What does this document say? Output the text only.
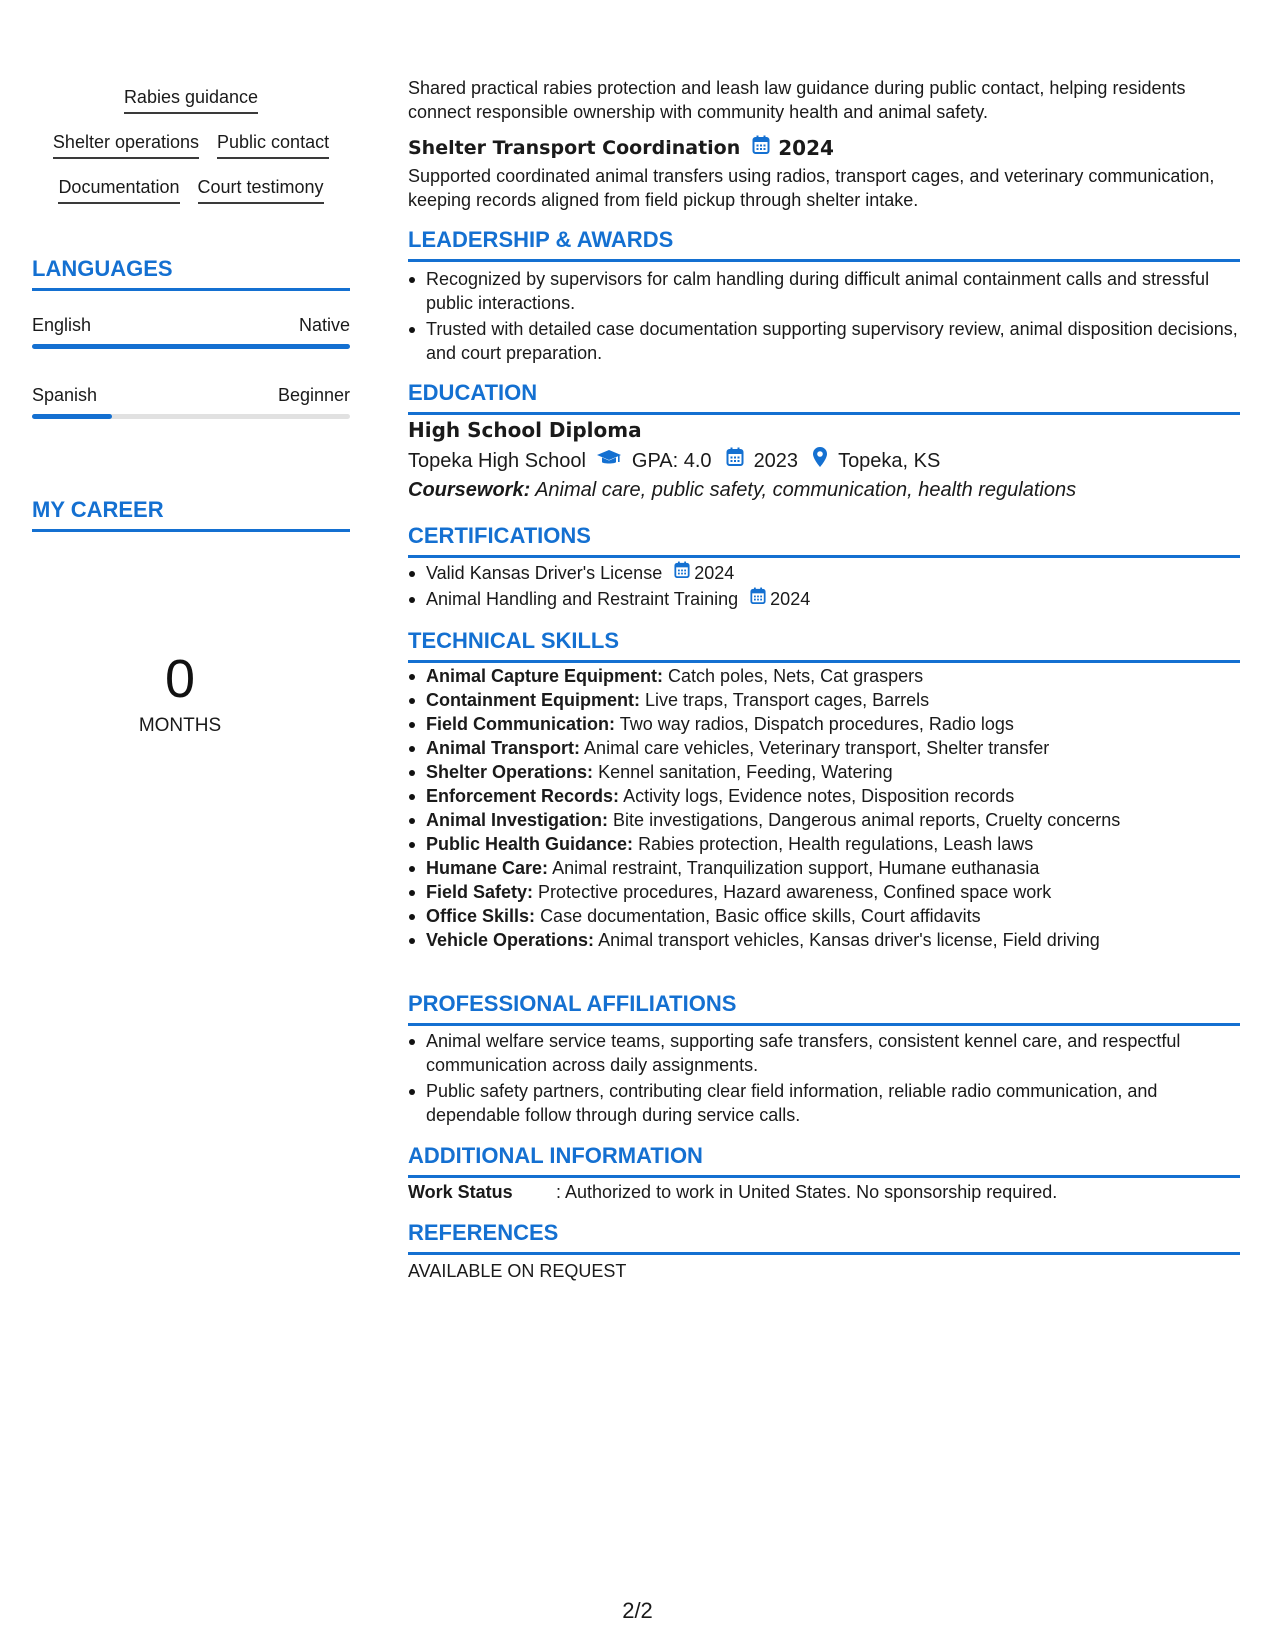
Rabies guidance
Shelter operations Public contact
Documentation Court testimony
LANGUAGES
English	Native
Spanish	Beginner
MY CAREER
0
MONTHS
Shared practical rabies protection and leash law guidance during public contact, helping residents connect responsible ownership with community health and animal safety.
Shelter Transport Coordination 2024
Supported coordinated animal transfers using radios, transport cages, and veterinary communication, keeping records aligned from field pickup through shelter intake.
LEADERSHIP & AWARDS
Recognized by supervisors for calm handling during difficult animal containment calls and stressful public interactions.
Trusted with detailed case documentation supporting supervisory review, animal disposition decisions, and court preparation.
EDUCATION
High School Diploma
Topeka High School GPA: 4.0 2023 Topeka, KS
Coursework: Animal care, public safety, communication, health regulations
CERTIFICATIONS
Valid Kansas Driver's License 2024
Animal Handling and Restraint Training 2024
TECHNICAL SKILLS
Animal Capture Equipment: Catch poles, Nets, Cat graspers
Containment Equipment: Live traps, Transport cages, Barrels
Field Communication: Two way radios, Dispatch procedures, Radio logs
Animal Transport: Animal care vehicles, Veterinary transport, Shelter transfer
Shelter Operations: Kennel sanitation, Feeding, Watering
Enforcement Records: Activity logs, Evidence notes, Disposition records
Animal Investigation: Bite investigations, Dangerous animal reports, Cruelty concerns
Public Health Guidance: Rabies protection, Health regulations, Leash laws
Humane Care: Animal restraint, Tranquilization support, Humane euthanasia
Field Safety: Protective procedures, Hazard awareness, Confined space work
Office Skills: Case documentation, Basic office skills, Court affidavits
Vehicle Operations: Animal transport vehicles, Kansas driver's license, Field driving
PROFESSIONAL AFFILIATIONS
Animal welfare service teams, supporting safe transfers, consistent kennel care, and respectful communication across daily assignments.
Public safety partners, contributing clear field information, reliable radio communication, and dependable follow through during service calls.
ADDITIONAL INFORMATION
Work Status	: Authorized to work in United States. No sponsorship required.
REFERENCES
AVAILABLE ON REQUEST
2/2
